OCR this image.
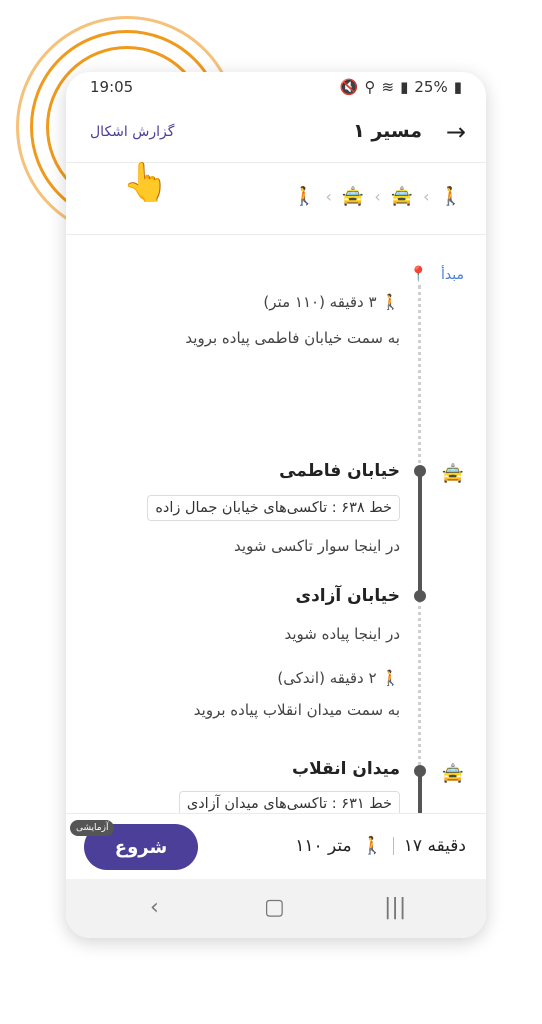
19:05	🔇 ⚲ ≋ ▮ 25% ▮
→
مسیر ۱
گزارش اشکال
🚶
‹
🚖
‹
🚖
‹
🚶
📍 مبدأ
🚶 ۳ دقیقه (۱۱۰ متر)
به سمت خیابان فاطمی پیاده بروید
🚖
خیابان فاطمی
خط ۶۳۸ : تاکسی‌های خیابان جمال زاده
در اینجا سوار تاکسی شوید
خیابان آزادی
در اینجا پیاده شوید
🚶 ۲ دقیقه (اندکی)
به سمت میدان انقلاب پیاده بروید
🚖
میدان انقلاب
خط ۶۳۱ : تاکسی‌های میدان آزادی
شروع
آزمایشی
۱۷ دقیقه
🚶
۱۱۰ متر
‹	▢	|||
👆
